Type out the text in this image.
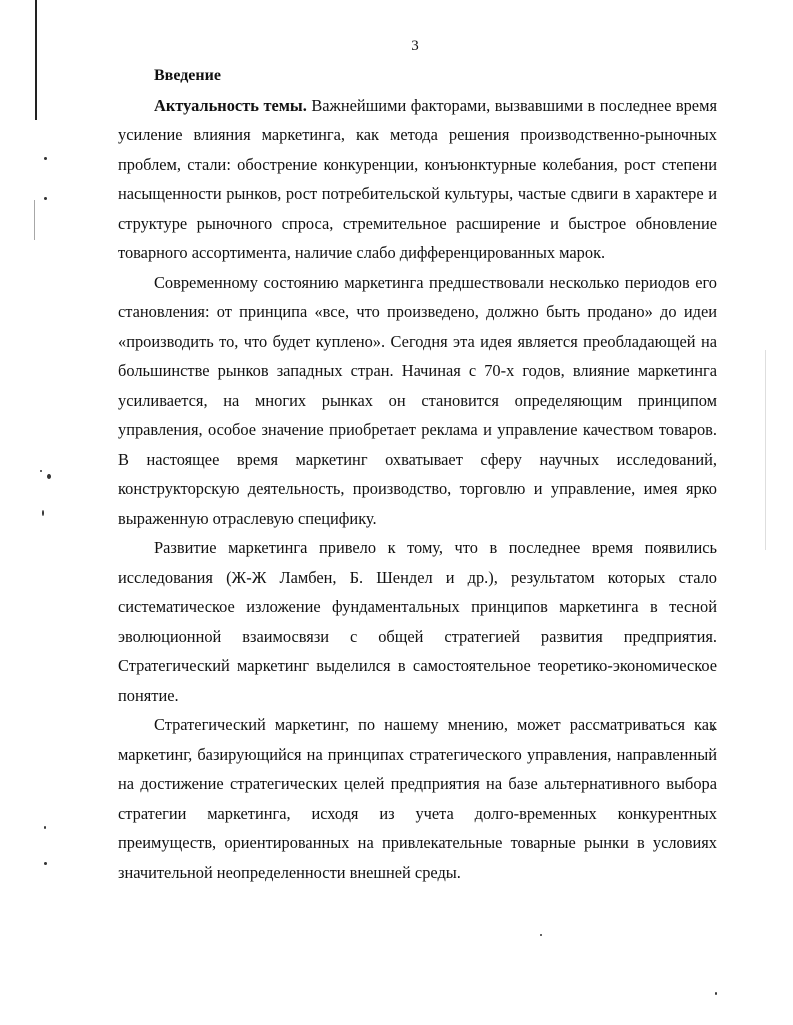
3

Введение

Актуальность темы. Важнейшими факторами, вызвавшими в последнее время усиление влияния маркетинга, как метода решения производственно-рыночных проблем, стали: обострение конкуренции, конъюнктурные колебания, рост степени насыщенности рынков, рост потребительской культуры, частые сдвиги в характере и структуре рыночного спроса, стремительное расширение и быстрое обновление товарного ассортимента, наличие слабо дифференцированных марок.

Современному состоянию маркетинга предшествовали несколько периодов его становления: от принципа «все, что произведено, должно быть продано» до идеи «производить то, что будет куплено». Сегодня эта идея является преобладающей на большинстве рынков западных стран. Начиная с 70-х годов, влияние маркетинга усиливается, на многих рынках он становится определяющим принципом управления, особое значение приобретает реклама и управление качеством товаров. В настоящее время маркетинг охватывает сферу научных исследований, конструкторскую деятельность, производство, торговлю и управление, имея ярко выраженную отраслевую специфику.

Развитие маркетинга привело к тому, что в последнее время появились исследования (Ж-Ж Ламбен, Б. Шендел и др.), результатом которых стало систематическое изложение фундаментальных принципов маркетинга в тесной эволюционной взаимосвязи с общей стратегией развития предприятия. Стратегический маркетинг выделился в самостоятельное теоретико-экономическое понятие.

Стратегический маркетинг, по нашему мнению, может рассматриваться как маркетинг, базирующийся на принципах стратегического управления, направленный на достижение стратегических целей предприятия на базе альтернативного выбора стратегии маркетинга, исходя из учета долго-временных конкурентных преимуществ, ориентированных на привлекательные товарные рынки в условиях значительной неопределенности внешней среды.
